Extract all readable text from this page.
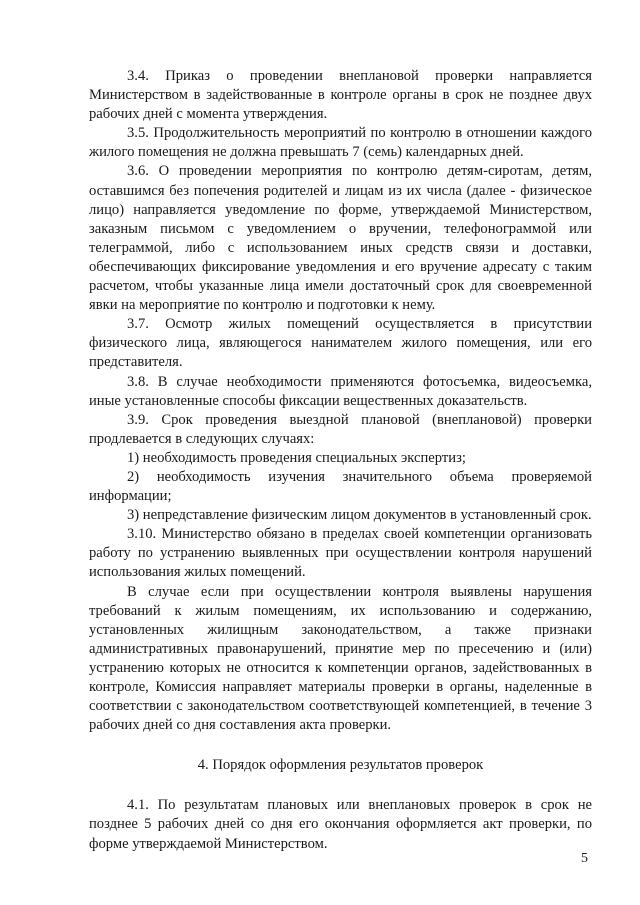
3.4. Приказ о проведении внеплановой проверки направляется Министерством в задействованные в контроле органы в срок не позднее двух рабочих дней с момента утверждения.

3.5. Продолжительность мероприятий по контролю в отношении каждого жилого помещения не должна превышать 7 (семь) календарных дней.

3.6. О проведении мероприятия по контролю детям-сиротам, детям, оставшимся без попечения родителей и лицам из их числа (далее - физическое лицо) направляется уведомление по форме, утверждаемой Министерством, заказным письмом с уведомлением о вручении, телефонограммой или телеграммой, либо с использованием иных средств связи и доставки, обеспечивающих фиксирование уведомления и его вручение адресату с таким расчетом, чтобы указанные лица имели достаточный срок для своевременной явки на мероприятие по контролю и подготовки к нему.

3.7. Осмотр жилых помещений осуществляется в присутствии физического лица, являющегося нанимателем жилого помещения, или его представителя.

3.8. В случае необходимости применяются фотосъемка, видеосъемка, иные установленные способы фиксации вещественных доказательств.

3.9. Срок проведения выездной плановой (внеплановой) проверки продлевается в следующих случаях:

1) необходимость проведения специальных экспертиз;

2) необходимость изучения значительного объема проверяемой информации;

3) непредставление физическим лицом документов в установленный срок.

3.10. Министерство обязано в пределах своей компетенции организовать работу по устранению выявленных при осуществлении контроля нарушений использования жилых помещений.

В случае если при осуществлении контроля выявлены нарушения требований к жилым помещениям, их использованию и содержанию, установленных жилищным законодательством, а также признаки административных правонарушений, принятие мер по пресечению и (или) устранению которых не относится к компетенции органов, задействованных в контроле, Комиссия направляет материалы проверки в органы, наделенные в соответствии с законодательством соответствующей компетенцией, в течение 3 рабочих дней со дня составления акта проверки.

4. Порядок оформления результатов проверок

4.1. По результатам плановых или внеплановых проверок в срок не позднее 5 рабочих дней со дня его окончания оформляется акт проверки, по форме утверждаемой Министерством.

5
